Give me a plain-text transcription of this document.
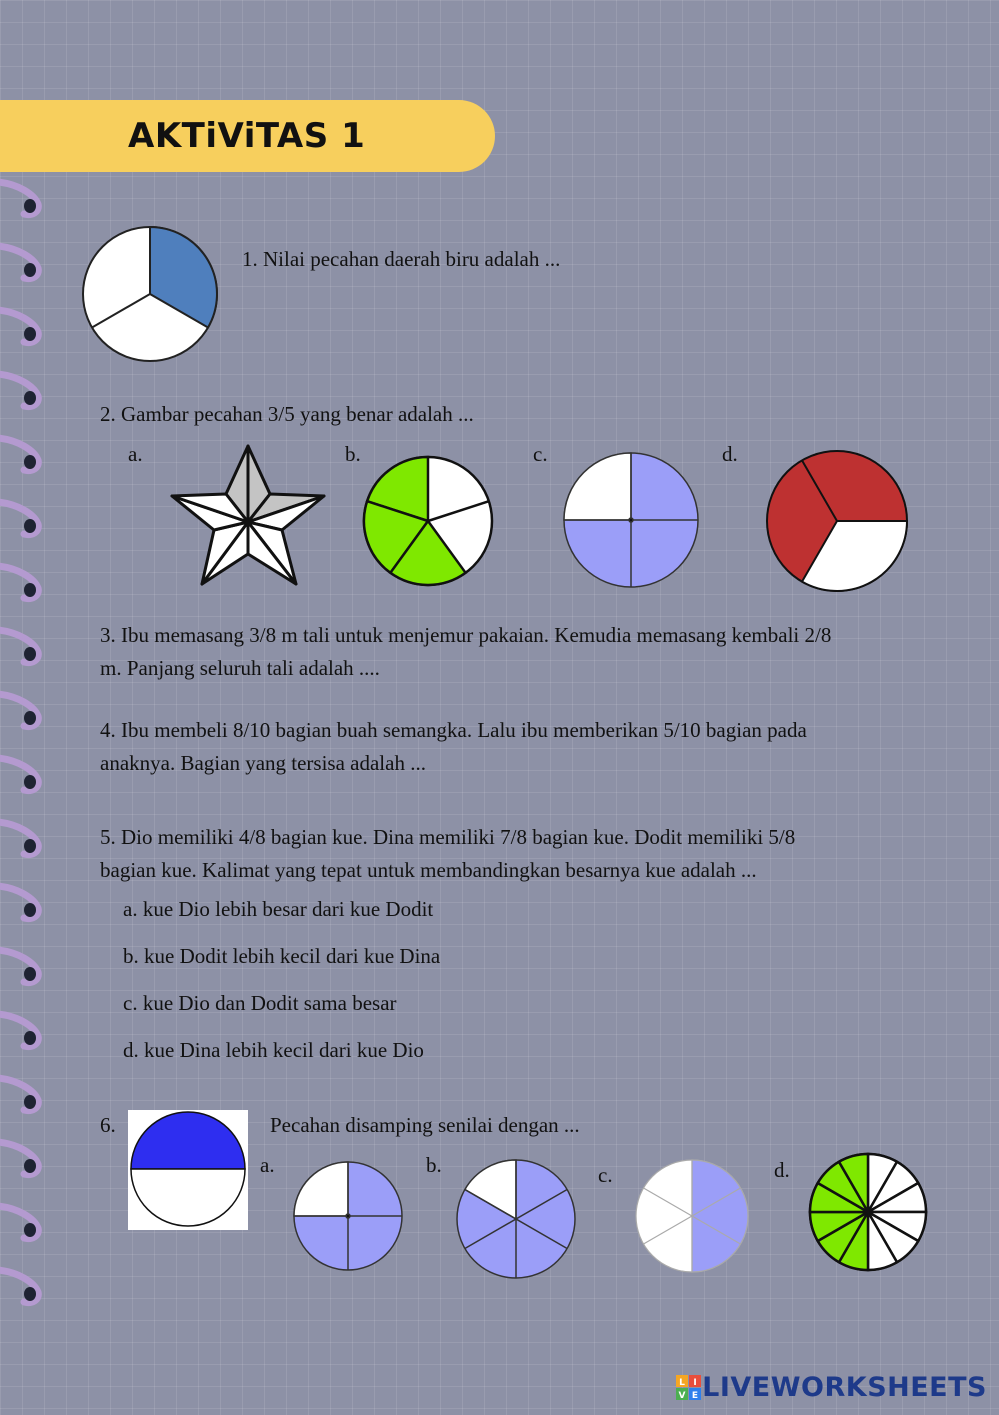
AKTiViTAS 1

1. Nilai pecahan daerah biru adalah ...

2. Gambar pecahan 3/5 yang benar adalah ...

a.	b.	c.	d.

3. Ibu memasang 3/8 m tali untuk menjemur pakaian. Kemudia memasang kembali 2/8

m. Panjang seluruh tali adalah ....

4. Ibu membeli 8/10 bagian buah semangka. Lalu ibu memberikan 5/10 bagian pada

anaknya. Bagian yang tersisa adalah ...

5. Dio memiliki 4/8 bagian kue. Dina memiliki 7/8 bagian kue. Dodit memiliki 5/8

bagian kue. Kalimat yang tepat untuk membandingkan besarnya kue adalah ...

a. kue Dio lebih besar dari kue Dodit

b. kue Dodit lebih kecil dari kue Dina

c. kue Dio dan Dodit sama besar

d. kue Dina lebih kecil dari kue Dio

6.	Pecahan disamping senilai dengan ...

a.	b.	c.	d.

L I
V E LIVEWORKSHEETS
